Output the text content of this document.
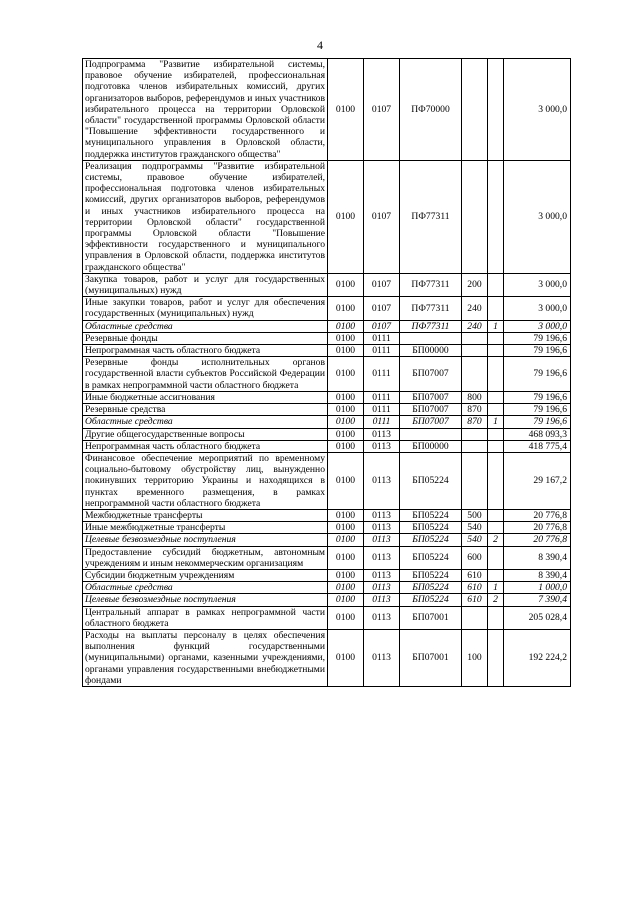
4
Подпрограмма "Развитие избирательной системы, правовое обучение избирателей, профессиональная подготовка членов избирательных комиссий, других организаторов выборов, референдумов и иных участников избирательного процесса на территории Орловской области" государственной программы Орловской области "Повышение эффективности государственного и муниципального управления в Орловской области, поддержка институтов гражданского общества"	0100	0107	ПФ70000			3 000,0
Реализация подпрограммы "Развитие избирательной системы, правовое обучение избирателей, профессиональная подготовка членов избирательных комиссий, других организаторов выборов, референдумов и иных участников избирательного процесса на территории Орловской области" государственной программы Орловской области "Повышение эффективности государственного и муниципального управления в Орловской области, поддержка институтов гражданского общества"	0100	0107	ПФ77311			3 000,0
Закупка товаров, работ и услуг для государственных (муниципальных) нужд	0100	0107	ПФ77311	200		3 000,0
Иные закупки товаров, работ и услуг для обеспечения государственных (муниципальных) нужд	0100	0107	ПФ77311	240		3 000,0
Областные средства	0100	0107	ПФ77311	240	1	3 000,0
Резервные фонды	0100	0111				79 196,6
Непрограммная часть областного бюджета	0100	0111	БП00000			79 196,6
Резервные фонды исполнительных органов государственной власти субъектов Российской Федерации в рамках непрограммной части областного бюджета	0100	0111	БП07007			79 196,6
Иные бюджетные ассигнования	0100	0111	БП07007	800		79 196,6
Резервные средства	0100	0111	БП07007	870		79 196,6
Областные средства	0100	0111	БП07007	870	1	79 196,6
Другие общегосударственные вопросы	0100	0113				468 093,3
Непрограммная часть областного бюджета	0100	0113	БП00000			418 775,4
Финансовое обеспечение мероприятий по временному социально-бытовому обустройству лиц, вынужденно покинувших территорию Украины и находящихся в пунктах временного размещения, в рамках непрограммной части областного бюджета	0100	0113	БП05224			29 167,2
Межбюджетные трансферты	0100	0113	БП05224	500		20 776,8
Иные межбюджетные трансферты	0100	0113	БП05224	540		20 776,8
Целевые безвозмездные поступления	0100	0113	БП05224	540	2	20 776,8
Предоставление субсидий бюджетным, автономным учреждениям и иным некоммерческим организациям	0100	0113	БП05224	600		8 390,4
Субсидии бюджетным учреждениям	0100	0113	БП05224	610		8 390,4
Областные средства	0100	0113	БП05224	610	1	1 000,0
Целевые безвозмездные поступления	0100	0113	БП05224	610	2	7 390,4
Центральный аппарат в рамках непрограммной части областного бюджета	0100	0113	БП07001			205 028,4
Расходы на выплаты персоналу в целях обеспечения выполнения функций государственными (муниципальными) органами, казенными учреждениями, органами управления государственными внебюджетными фондами	0100	0113	БП07001	100		192 224,2
